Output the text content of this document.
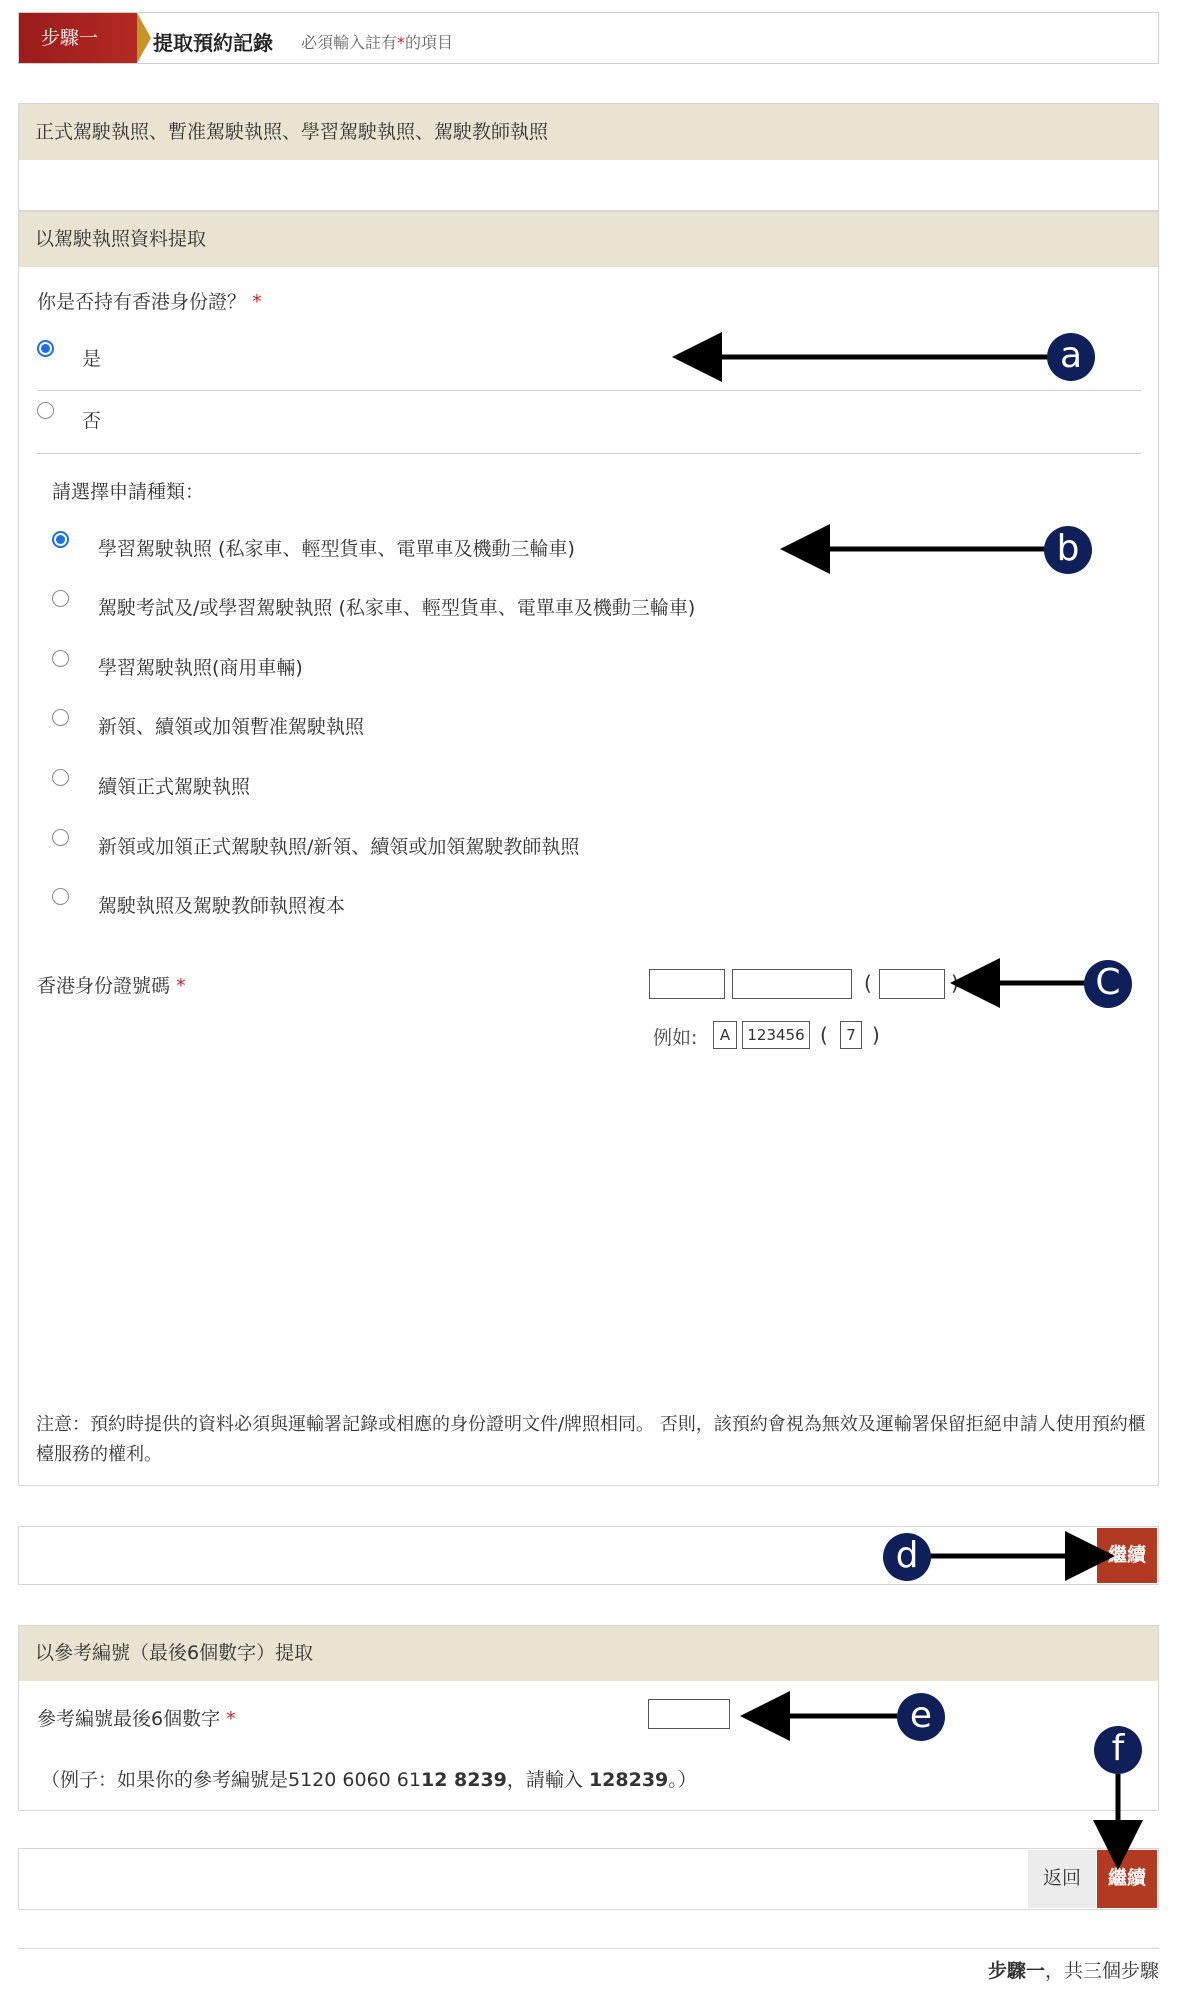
步驟一	提取預約記錄 必須輸入註有*的項目
正式駕駛執照、暫准駕駛執照、學習駕駛執照、駕駛教師執照
以駕駛執照資料提取
你是否持有香港身份證？ *
是
否
請選擇申請種類：
學習駕駛執照 (私家車、輕型貨車、電單車及機動三輪車)
駕駛考試及/或學習駕駛執照 (私家車、輕型貨車、電單車及機動三輪車)
學習駕駛執照(商用車輛)
新領、續領或加領暫准駕駛執照
續領正式駕駛執照
新領或加領正式駕駛執照/新領、續領或加領駕駛教師執照
駕駛執照及駕駛教師執照複本
香港身份證號碼 *	(	)
例如:	A	123456 (	7 )
注意：預約時提供的資料必須與運輸署記錄或相應的身份證明文件/牌照相同。 否則，該預約會視為無效及運輸署保留拒絕申請人使用預約櫃檯服務的權利。
繼續
以參考編號（最後6個數字）提取
參考編號最後6個數字 *
（例子：如果你的參考編號是5120 6060 6112 8239，請輸入 128239。）
返回	繼續
步驟一，共三個步驟
a
b
C
d
e
f
